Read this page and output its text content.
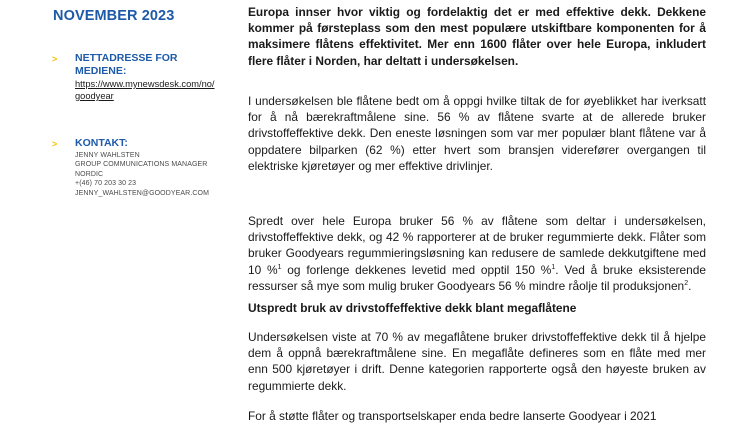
NOVEMBER 2023
> NETTADRESSE FOR
MEDIENE:
https://www.mynewsdesk.com/no/
goodyear
> KONTAKT:
JENNY WAHLSTEN
GROUP COMMUNICATIONS MANAGER
NORDIC
+(46) 70 203 30 23
JENNY_WAHLSTEN@GOODYEAR.COM
Europa innser hvor viktig og fordelaktig det er med effektive dekk. Dekkene kommer på førsteplass som den mest populære utskiftbare komponenten for å maksimere flåtens effektivitet. Mer enn 1600 flåter over hele Europa, inkludert flere flåter i Norden, har deltatt i undersøkelsen.
I undersøkelsen ble flåtene bedt om å oppgi hvilke tiltak de for øyeblikket har iverksatt for å nå bærekraftmålene sine. 56 % av flåtene svarte at de allerede bruker drivstoffeffektive dekk. Den eneste løsningen som var mer populær blant flåtene var å oppdatere bilparken (62 %) etter hvert som bransjen viderefører overgangen til elektriske kjøretøyer og mer effektive drivlinjer.
Spredt over hele Europa bruker 56 % av flåtene som deltar i undersøkelsen, drivstoffeffektive dekk, og 42 % rapporterer at de bruker regummierte dekk. Flåter som bruker Goodyears regummieringsløsning kan redusere de samlede dekkutgiftene med 10 %$^1$ og forlenge dekkenes levetid med opptil 150 %$^1$. Ved å bruke eksisterende ressurser så mye som mulig bruker Goodyears 56 % mindre råolje til produksjonen$^2$.
Utspredt bruk av drivstoffeffektive dekk blant megaflåtene
Undersøkelsen viste at 70 % av megaflåtene bruker drivstoffeffektive dekk til å hjelpe dem å oppnå bærekraftmålene sine. En megaflåte defineres som en flåte med mer enn 500 kjøretøyer i drift. Denne kategorien rapporterte også den høyeste bruken av regummierte dekk.
For å støtte flåter og transportselskaper enda bedre lanserte Goodyear i 2021
